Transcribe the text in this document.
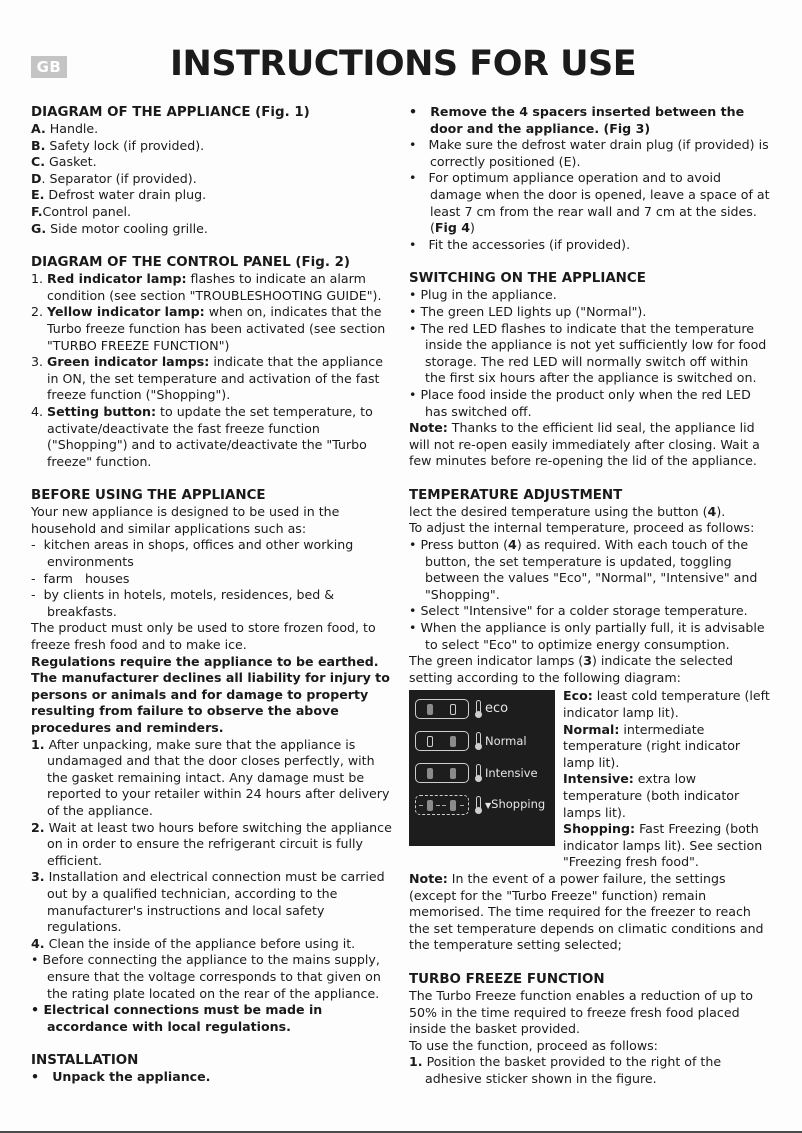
GB	INSTRUCTIONS FOR USE
DIAGRAM OF THE APPLIANCE (Fig. 1)

A. Handle.

B. Safety lock (if provided).

C. Gasket.

D. Separator (if provided).

E. Defrost water drain plug.

F.Control panel.

G. Side motor cooling grille.

DIAGRAM OF THE CONTROL PANEL (Fig. 2)

1. Red indicator lamp: flashes to indicate an alarm condition (see section "TROUBLESHOOTING GUIDE").

2. Yellow indicator lamp: when on, indicates that the Turbo freeze function has been activated (see section "TURBO FREEZE FUNCTION")

3. Green indicator lamps: indicate that the appliance in ON, the set temperature and activation of the fast freeze function ("Shopping").

4. Setting button: to update the set temperature, to activate/deactivate the fast freeze function ("Shopping") and to activate/deactivate the "Turbo freeze" function.

BEFORE USING THE APPLIANCE

Your new appliance is designed to be used in the household and similar applications such as:

-  kitchen areas in shops, offices and other working environments

-  farm   houses

-  by clients in hotels, motels, residences, bed & breakfasts.

The product must only be used to store frozen food, to freeze fresh food and to make ice.

Regulations require the appliance to be earthed. The manufacturer declines all liability for injury to persons or animals and for damage to property resulting from failure to observe the above procedures and reminders.

1. After unpacking, make sure that the appliance is undamaged and that the door closes perfectly, with the gasket remaining intact. Any damage must be reported to your retailer within 24 hours after delivery of the appliance.

2. Wait at least two hours before switching the appliance on in order to ensure the refrigerant circuit is fully efficient.

3. Installation and electrical connection must be carried out by a qualified technician, according to the manufacturer's instructions and local safety regulations.

4. Clean the inside of the appliance before using it.

• Before connecting the appliance to the mains supply, ensure that the voltage corresponds to that given on the rating plate located on the rear of the appliance.

• Electrical connections must be made in accordance with local regulations.

INSTALLATION

•   Unpack the appliance.

•   Remove the 4 spacers inserted between the door and the appliance. (Fig 3)

•   Make sure the defrost water drain plug (if provided) is correctly positioned (E).

•   For optimum appliance operation and to avoid damage when the door is opened, leave a space of at least 7 cm from the rear wall and 7 cm at the sides. (Fig 4)

•   Fit the accessories (if provided).

SWITCHING ON THE APPLIANCE

• Plug in the appliance.

• The green LED lights up ("Normal").

• The red LED flashes to indicate that the temperature inside the appliance is not yet sufficiently low for food storage. The red LED will normally switch off within the first six hours after the appliance is switched on.

• Place food inside the product only when the red LED has switched off.

Note: Thanks to the efficient lid seal, the appliance lid will not re-open easily immediately after closing. Wait a few minutes before re-opening the lid of the appliance.

TEMPERATURE ADJUSTMENT

lect the desired temperature using the button (4).

To adjust the internal temperature, proceed as follows:

• Press button (4) as required. With each touch of the button, the set temperature is updated, toggling between the values "Eco", "Normal", "Intensive" and "Shopping".

• Select "Intensive" for a colder storage temperature.

• When the appliance is only partially full, it is advisable to select "Eco" to optimize energy consumption.

The green indicator lamps (3) indicate the selected setting according to the following diagram:

eco
Normal
Intensive
▼Shopping

Eco: least cold temperature (left indicator lamp lit).

Normal: intermediate temperature (right indicator lamp lit).

Intensive: extra low temperature (both indicator lamps lit).

Shopping: Fast Freezing (both indicator lamps lit). See section "Freezing fresh food".

Note: In the event of a power failure, the settings (except for the "Turbo Freeze" function) remain memorised. The time required for the freezer to reach the set temperature depends on climatic conditions and the temperature setting selected;

TURBO FREEZE FUNCTION

The Turbo Freeze function enables a reduction of up to 50% in the time required to freeze fresh food placed inside the basket provided.

To use the function, proceed as follows:

1. Position the basket provided to the right of the adhesive sticker shown in the figure.
